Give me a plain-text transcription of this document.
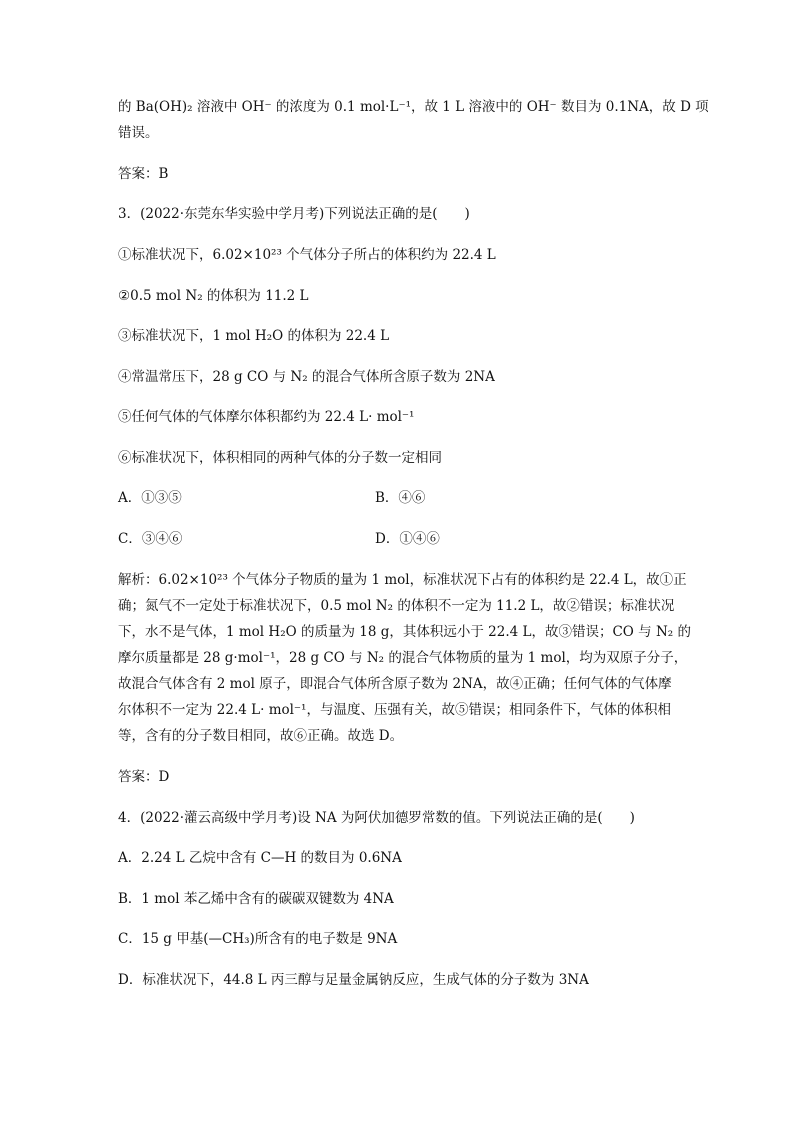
的 Ba(OH)₂ 溶液中 OH⁻ 的浓度为 0.1 mol·L⁻¹，故 1 L 溶液中的 OH⁻ 数目为 0.1NA，故 D 项
错误。
答案：B
3．(2022·东莞东华实验中学月考)下列说法正确的是(　　)
①标准状况下，6.02×10²³ 个气体分子所占的体积约为 22.4 L
②0.5 mol N₂ 的体积为 11.2 L
③标准状况下，1 mol H₂O 的体积为 22.4 L
④常温常压下，28 g CO 与 N₂ 的混合气体所含原子数为 2NA
⑤任何气体的气体摩尔体积都约为 22.4 L· mol⁻¹
⑥标准状况下，体积相同的两种气体的分子数一定相同
A．①③⑤	B．④⑥
C．③④⑥	D．①④⑥
解析：6.02×10²³ 个气体分子物质的量为 1 mol，标准状况下占有的体积约是 22.4 L，故①正
确；氮气不一定处于标准状况下，0.5 mol N₂ 的体积不一定为 11.2 L，故②错误；标准状况
下，水不是气体，1 mol H₂O 的质量为 18 g，其体积远小于 22.4 L，故③错误；CO 与 N₂ 的
摩尔质量都是 28 g·mol⁻¹，28 g CO 与 N₂ 的混合气体物质的量为 1 mol，均为双原子分子，
故混合气体含有 2 mol 原子，即混合气体所含原子数为 2NA，故④正确；任何气体的气体摩
尔体积不一定为 22.4 L· mol⁻¹，与温度、压强有关，故⑤错误；相同条件下，气体的体积相
等，含有的分子数目相同，故⑥正确。故选 D。
答案：D
4．(2022·灌云高级中学月考)设 NA 为阿伏加德罗常数的值。下列说法正确的是(　　)
A．2.24 L 乙烷中含有 C—H 的数目为 0.6NA
B．1 mol 苯乙烯中含有的碳碳双键数为 4NA
C．15 g 甲基(—CH₃)所含有的电子数是 9NA
D．标准状况下，44.8 L 丙三醇与足量金属钠反应，生成气体的分子数为 3NA
